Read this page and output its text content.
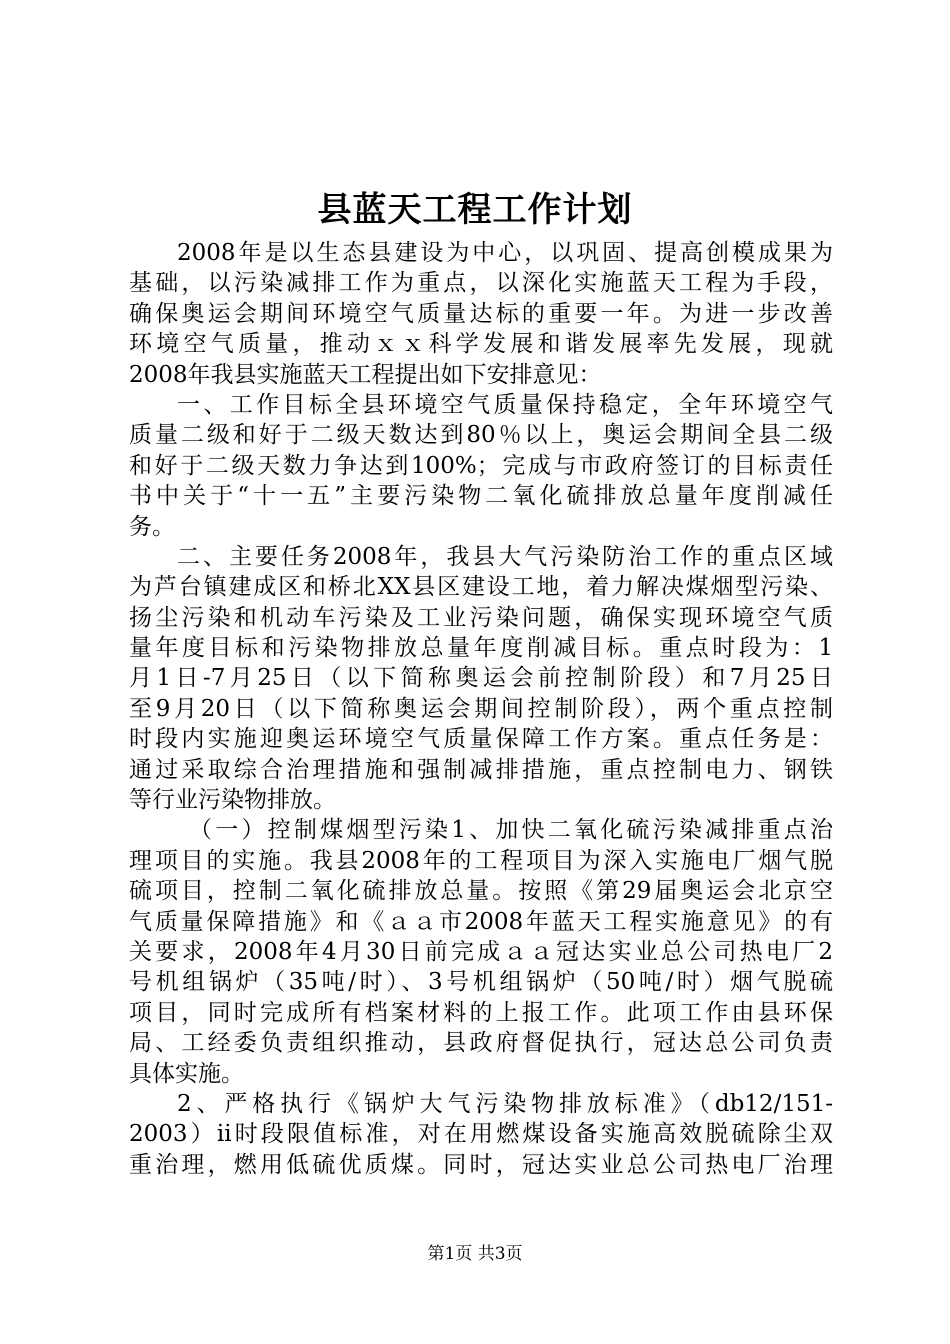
县蓝天工程工作计划
2008年是以生态县建设为中心，以巩固、提高创模成果为
基础，以污染减排工作为重点，以深化实施蓝天工程为手段，
确保奥运会期间环境空气质量达标的重要一年。为进一步改善
环境空气质量，推动ｘｘ科学发展和谐发展率先发展，现就
2008年我县实施蓝天工程提出如下安排意见：
一、工作目标全县环境空气质量保持稳定，全年环境空气
质量二级和好于二级天数达到80％以上，奥运会期间全县二级
和好于二级天数力争达到100%；完成与市政府签订的目标责任
书中关于“十一五”主要污染物二氧化硫排放总量年度削减任
务。
二、主要任务2008年，我县大气污染防治工作的重点区域
为芦台镇建成区和桥北XX县区建设工地，着力解决煤烟型污染、
扬尘污染和机动车污染及工业污染问题，确保实现环境空气质
量年度目标和污染物排放总量年度削减目标。重点时段为：1
月1日-7月25日（以下简称奥运会前控制阶段）和7月25日
至9月20日（以下简称奥运会期间控制阶段），两个重点控制
时段内实施迎奥运环境空气质量保障工作方案。重点任务是：
通过采取综合治理措施和强制减排措施，重点控制电力、钢铁
等行业污染物排放。
（一）控制煤烟型污染1、加快二氧化硫污染减排重点治
理项目的实施。我县2008年的工程项目为深入实施电厂烟气脱
硫项目，控制二氧化硫排放总量。按照《第29届奥运会北京空
气质量保障措施》和《ａａ市2008年蓝天工程实施意见》的有
关要求，2008年4月30日前完成ａａ冠达实业总公司热电厂2
号机组锅炉（35吨/时）、3号机组锅炉（50吨/时）烟气脱硫
项目，同时完成所有档案材料的上报工作。此项工作由县环保
局、工经委负责组织推动，县政府督促执行，冠达总公司负责
具体实施。
2、严格执行《锅炉大气污染物排放标准》（db12/151-
2003）ii时段限值标准，对在用燃煤设备实施高效脱硫除尘双
重治理，燃用低硫优质煤。同时，冠达实业总公司热电厂治理
第1页 共3页
